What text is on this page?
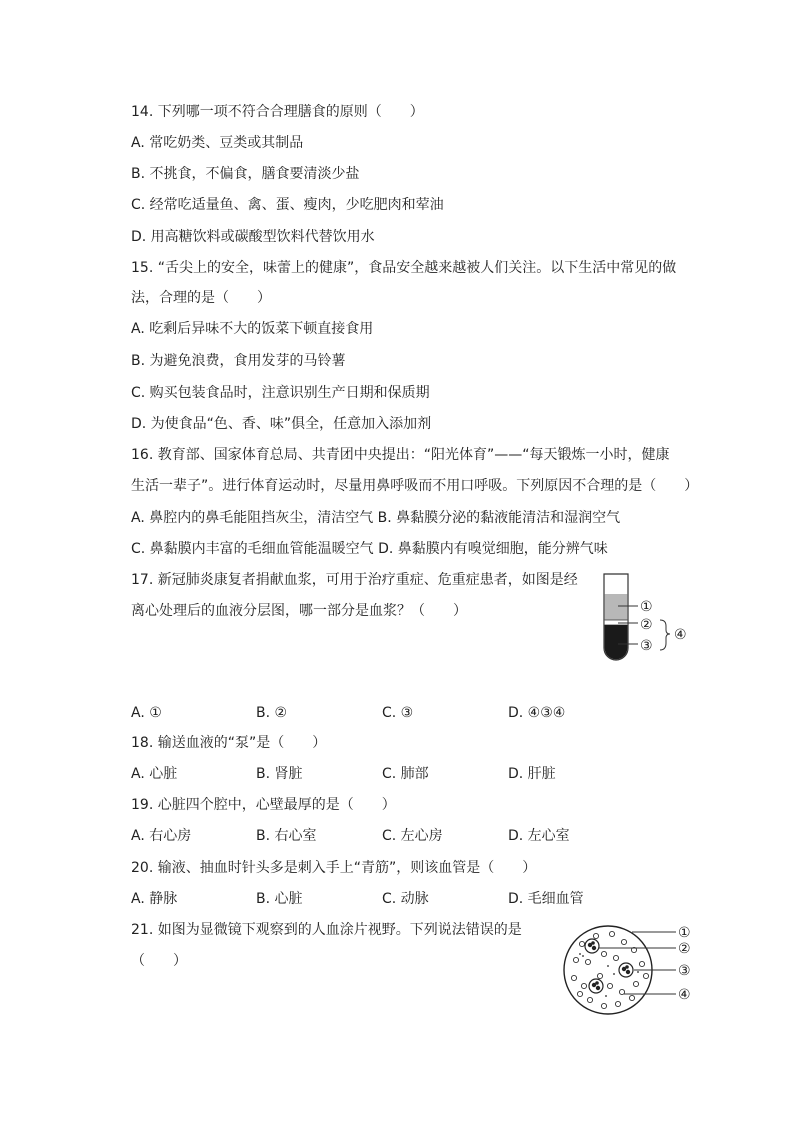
14. 下列哪一项不符合合理膳食的原则（　　）
A. 常吃奶类、豆类或其制品
B. 不挑食，不偏食，膳食要清淡少盐
C. 经常吃适量鱼、禽、蛋、瘦肉，少吃肥肉和荤油
D. 用高糖饮料或碳酸型饮料代替饮用水
15. “舌尖上的安全，味蕾上的健康”，食品安全越来越被人们关注。以下生活中常见的做
法，合理的是（　　）
A. 吃剩后异味不大的饭菜下顿直接食用
B. 为避免浪费，食用发芽的马铃薯
C. 购买包装食品时，注意识别生产日期和保质期
D. 为使食品“色、香、味”俱全，任意加入添加剂
16. 教育部、国家体育总局、共青团中央提出：“阳光体育”——“每天锻炼一小时，健康
生活一辈子”。进行体育运动时，尽量用鼻呼吸而不用口呼吸。下列原因不合理的是（　　）
A. 鼻腔内的鼻毛能阻挡灰尘，清洁空气 B. 鼻黏膜分泌的黏液能清洁和湿润空气
C. 鼻黏膜内丰富的毛细血管能温暖空气 D. 鼻黏膜内有嗅觉细胞，能分辨气味
17. 新冠肺炎康复者捐献血浆，可用于治疗重症、危重症患者，如图是经
离心处理后的血液分层图，哪一部分是血浆？（　　）	①
②
③
④
A. ①	B. ②	C. ③	D. ④③④
18. 输送血液的“泵”是（　　）
A. 心脏	B. 肾脏	C. 肺部	D. 肝脏
19. 心脏四个腔中，心壁最厚的是（　　）
A. 右心房	B. 右心室	C. 左心房	D. 左心室
20. 输液、抽血时针头多是刺入手上“青筋”，则该血管是（　　）
A. 静脉	B. 心脏	C. 动脉	D. 毛细血管
21. 如图为显微镜下观察到的人血涂片视野。下列说法错误的是
（　　）
①
②
③
④
